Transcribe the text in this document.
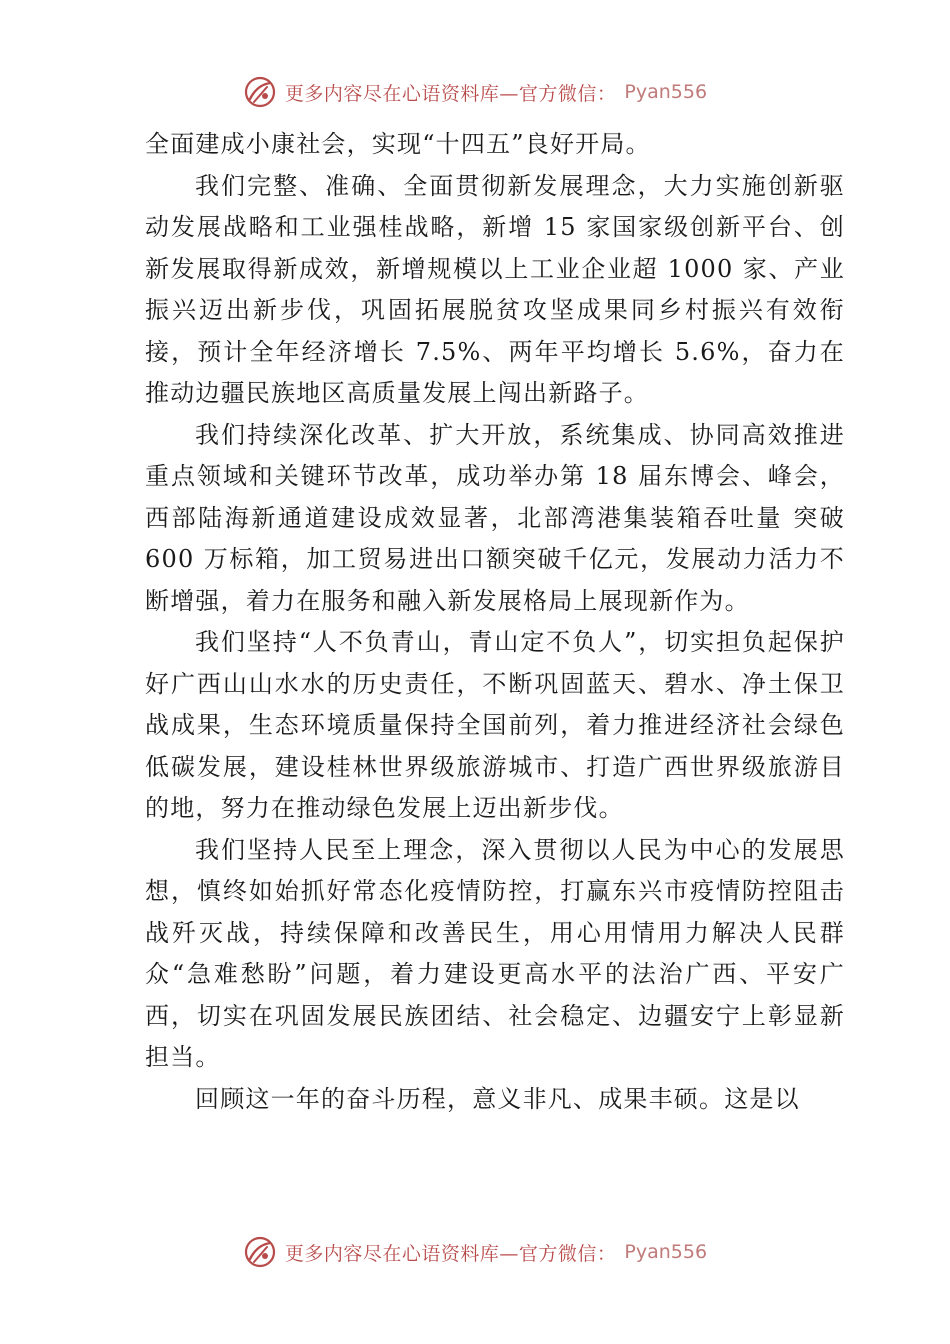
更多内容尽在心语资料库—官方微信： Pyan556

全面建成小康社会，实现“十四五”良好开局。

我们完整、准确、全面贯彻新发展理念，大力实施创新驱动发展战略和工业强桂战略，新增 15 家国家级创新平台、创新发展取得新成效，新增规模以上工业企业超 1000 家、产业振兴迈出新步伐，巩固拓展脱贫攻坚成果同乡村振兴有效衔接，预计全年经济增长 7.5%、两年平均增长 5.6%，奋力在推动边疆民族地区高质量发展上闯出新路子。

我们持续深化改革、扩大开放，系统集成、协同高效推进重点领域和关键环节改革，成功举办第 18 届东博会、峰会，西部陆海新通道建设成效显著，北部湾港集装箱吞吐量 突破 600 万标箱，加工贸易进出口额突破千亿元，发展动力活力不断增强，着力在服务和融入新发展格局上展现新作为。

我们坚持“人不负青山，青山定不负人”，切实担负起保护好广西山山水水的历史责任，不断巩固蓝天、碧水、净土保卫战成果，生态环境质量保持全国前列，着力推进经济社会绿色低碳发展，建设桂林世界级旅游城市、打造广西世界级旅游目的地，努力在推动绿色发展上迈出新步伐。

我们坚持人民至上理念，深入贯彻以人民为中心的发展思想，慎终如始抓好常态化疫情防控，打赢东兴市疫情防控阻击战歼灭战，持续保障和改善民生，用心用情用力解决人民群众“急难愁盼”问题，着力建设更高水平的法治广西、平安广西，切实在巩固发展民族团结、社会稳定、边疆安宁上彰显新担当。

回顾这一年的奋斗历程，意义非凡、成果丰硕。这是以

更多内容尽在心语资料库—官方微信： Pyan556
